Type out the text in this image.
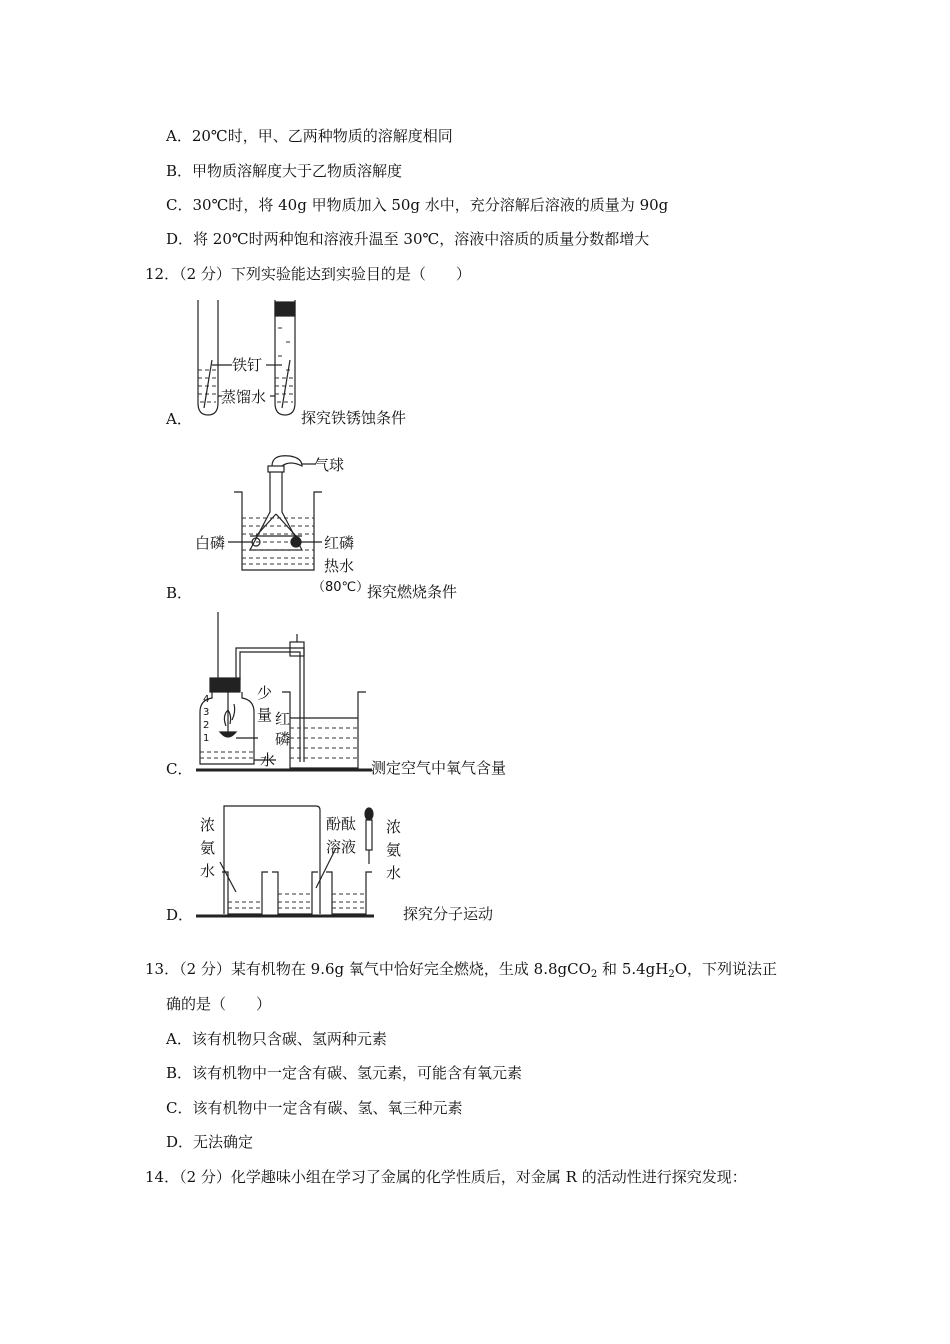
A．20℃时，甲、乙两种物质的溶解度相同
B．甲物质溶解度大于乙物质溶解度
C．30℃时，将 40g 甲物质加入 50g 水中，充分溶解后溶液的质量为 90g
D．将 20℃时两种饱和溶液升温至 30℃，溶液中溶质的质量分数都增大
12．（2 分）下列实验能达到实验目的是（　　）
A．
铁钉
蒸馏水
探究铁锈蚀条件
B．
气球
白磷	红磷
热水
（80℃）
探究燃烧条件
C．
4
3
2
1
少
量 红
磷
水	测定空气中氧气含量
D．
浓
氨
水
酚酞
溶液
浓
氨
水
探究分子运动
13．（2 分）某有机物在 9.6g 氧气中恰好完全燃烧，生成 8.8gCO$_2$ 和 $5.4gH_2O$，下列说法正
确的是（　　）
A．该有机物只含碳、氢两种元素
B．该有机物中一定含有碳、氢元素，可能含有氧元素
C．该有机物中一定含有碳、氢、氧三种元素
D．无法确定
14．（2 分）化学趣味小组在学习了金属的化学性质后，对金属 R 的活动性进行探究发现：
